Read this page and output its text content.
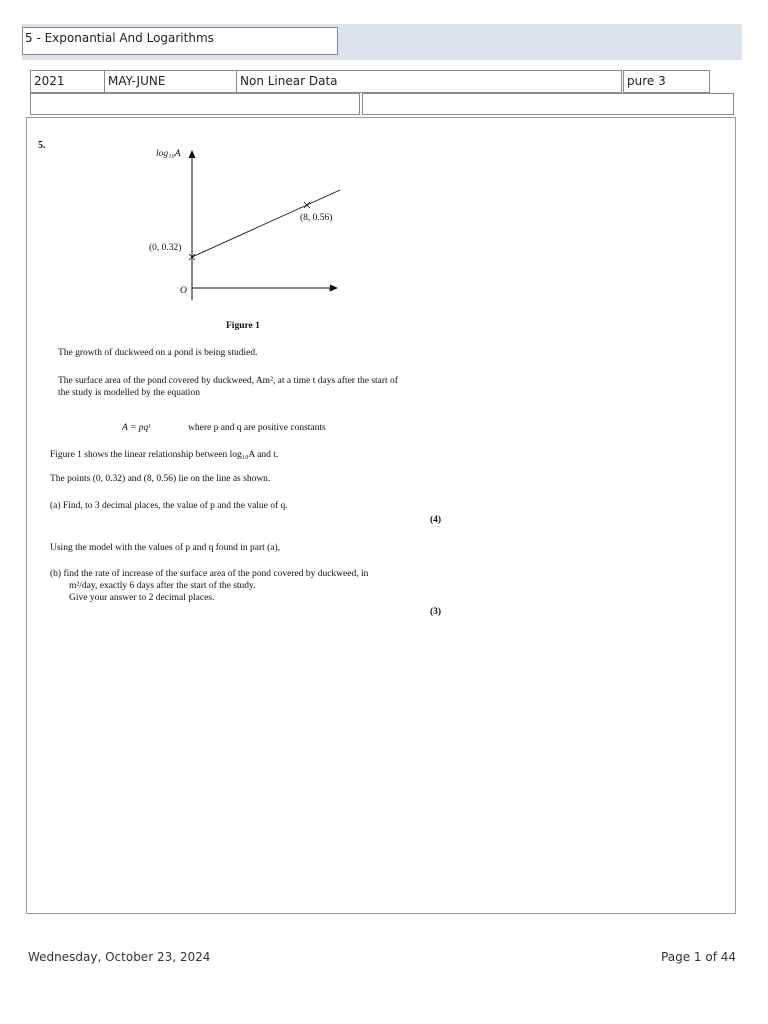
5 - Exponantial And Logarithms
2021	MAY-JUNE	Non Linear Data	pure 3
5.
log₁₀A
t
O
(0, 0.32)
(8, 0.56)
Figure 1
The growth of duckweed on a pond is being studied.
The surface area of the pond covered by duckweed, Am², at a time t days after the start of
the study is modelled by the equation
A = pqᵗ	where p and q are positive constants
Figure 1 shows the linear relationship between log₁₀A and t.
The points (0, 0.32) and (8, 0.56) lie on the line as shown.
(a) Find, to 3 decimal places, the value of p and the value of q.
(4)
Using the model with the values of p and q found in part (a),
(b) find the rate of increase of the surface area of the pond covered by duckweed, in
m²/day, exactly 6 days after the start of the study.
Give your answer to 2 decimal places.
(3)
Wednesday, October 23, 2024	Page 1 of 44
